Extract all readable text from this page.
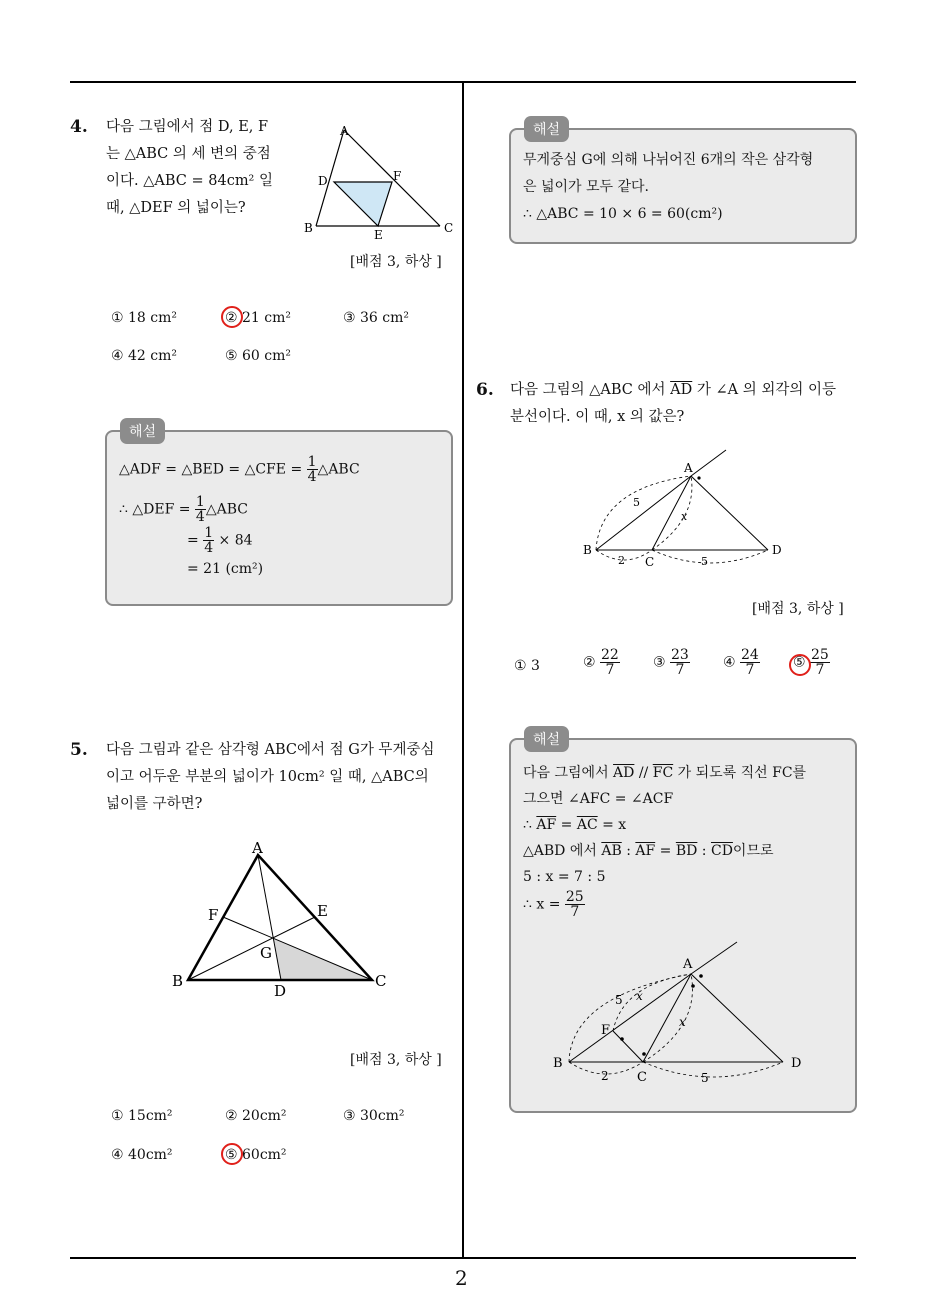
2
4. 다음 그림에서 점 D, E, F
는 △ABC 의 세 변의 중점
이다. △ABC = 84cm² 일
때, △DEF 의 넓이는?
A
B	C
D
E
F
[배점 3, 하상 ]
① 18 cm²	② 21 cm²	③ 36 cm²
④ 42 cm²	⑤ 60 cm²
△ADF = △BED = △CFE = $\frac{1}{4}$ △ABC
∴ △DEF = $\frac{1}{4}$ △ABC
= $\frac{1}{4} \times 84$
= 21 (cm²)
해설
5. 다음 그림과 같은 삼각형 ABC에서 점 G가 무게중심
이고 어두운 부분의 넓이가 10cm² 일 때, △ABC의
넓이를 구하면?
A
B	C
D
E
F
G
[배점 3, 하상 ]
① 15cm²	② 20cm²	③ 30cm²
④ 40cm²	⑤ 60cm²
무게중심 G에 의해 나뉘어진 6개의 작은 삼각형
은 넓이가 모두 같다.
∴ △ABC = 10 × 6 = 60(cm²)
해설
6. 다음 그림의 △ABC 에서 $\overline{AD}$ 가 ∠A 의 외각의 이등
분선이다. 이 때, x 의 값은?
A
B
C
D
5
2	5
x
[배점 3, 하상 ]
① 3	② $\frac{22}{7}$ ③ $\frac{23}{7}$ ④ $\frac{24}{7}$ ⑤ $\frac{25}{7}$
다음 그림에서 $\overline{AD} // \overline{FC}$ 가 되도록 직선 FC를
그으면 ∠AFC = ∠ACF
∴ $\overline{AF} = \overline{AC} = x$
△ABD 에서 $\overline{AB}$ : $\overline{AF} = \overline{BD}$ : $\overline{CD}$이므로
5 : x = 7 : 5
∴ $x = \frac{25}{7}$
A
B
C
D
F
5
2	5
x
x
해설
